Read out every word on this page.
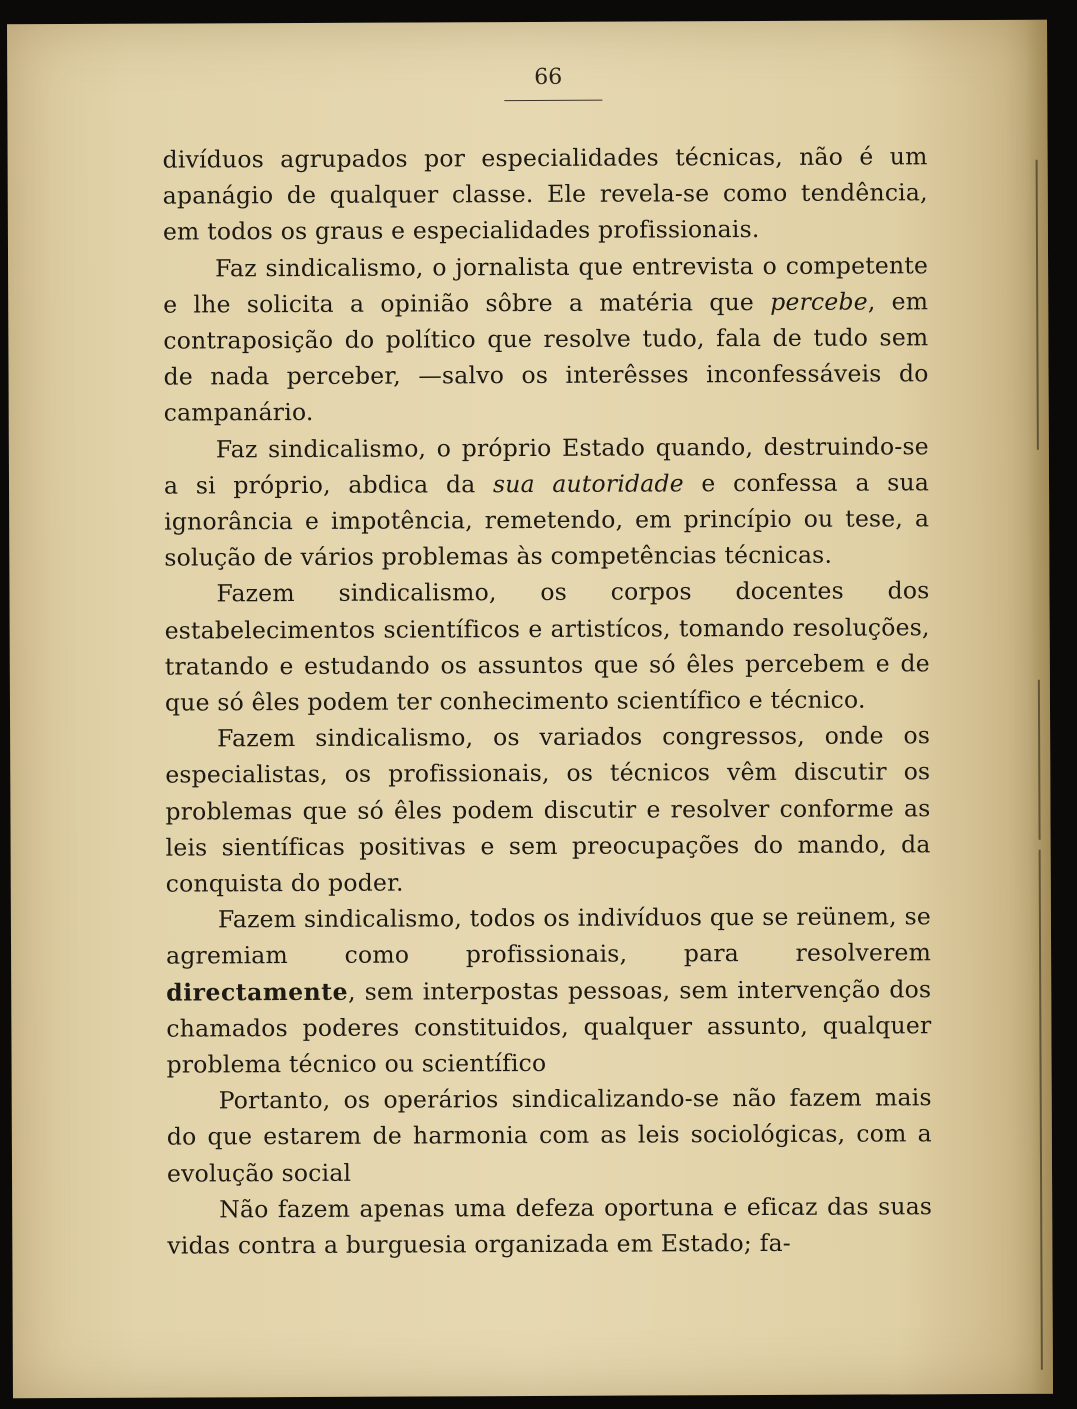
66

divíduos agrupados por especialidades técnicas, não é um apanágio de qualquer classe. Ele revela-se como tendência, em todos os graus e especialidades profissionais.

Faz sindicalismo, o jornalista que entrevista o competente e lhe solicita a opinião sôbre a matéria que percebe, em contraposição do político que resolve tudo, fala de tudo sem de nada perceber, —salvo os interêsses inconfessáveis do campanário.

Faz sindicalismo, o próprio Estado quando, destruindo-se a si próprio, abdica da sua autoridade e confessa a sua ignorância e impotência, remetendo, em princípio ou tese, a solução de vários problemas às competências técnicas.

Fazem sindicalismo, os corpos docentes dos estabelecimentos scientíficos e artistícos, tomando resoluções, tratando e estudando os assuntos que só êles percebem e de que só êles podem ter conhecimento scientífico e técnico.

Fazem sindicalismo, os variados congressos, onde os especialistas, os profissionais, os técnicos vêm discutir os problemas que só êles podem discutir e resolver conforme as leis sientíficas positivas e sem preocupações do mando, da conquista do poder.

Fazem sindicalismo, todos os indivíduos que se reünem, se agremiam como profissionais, para resolverem directamente, sem interpostas pessoas, sem intervenção dos chamados poderes constituidos, qualquer assunto, qualquer problema técnico ou scientífico

Portanto, os operários sindicalizando-se não fazem mais do que estarem de harmonia com as leis sociológicas, com a evolução social

Não fazem apenas uma defeza oportuna e eficaz das suas vidas contra a burguesia organizada em Estado; fa-
